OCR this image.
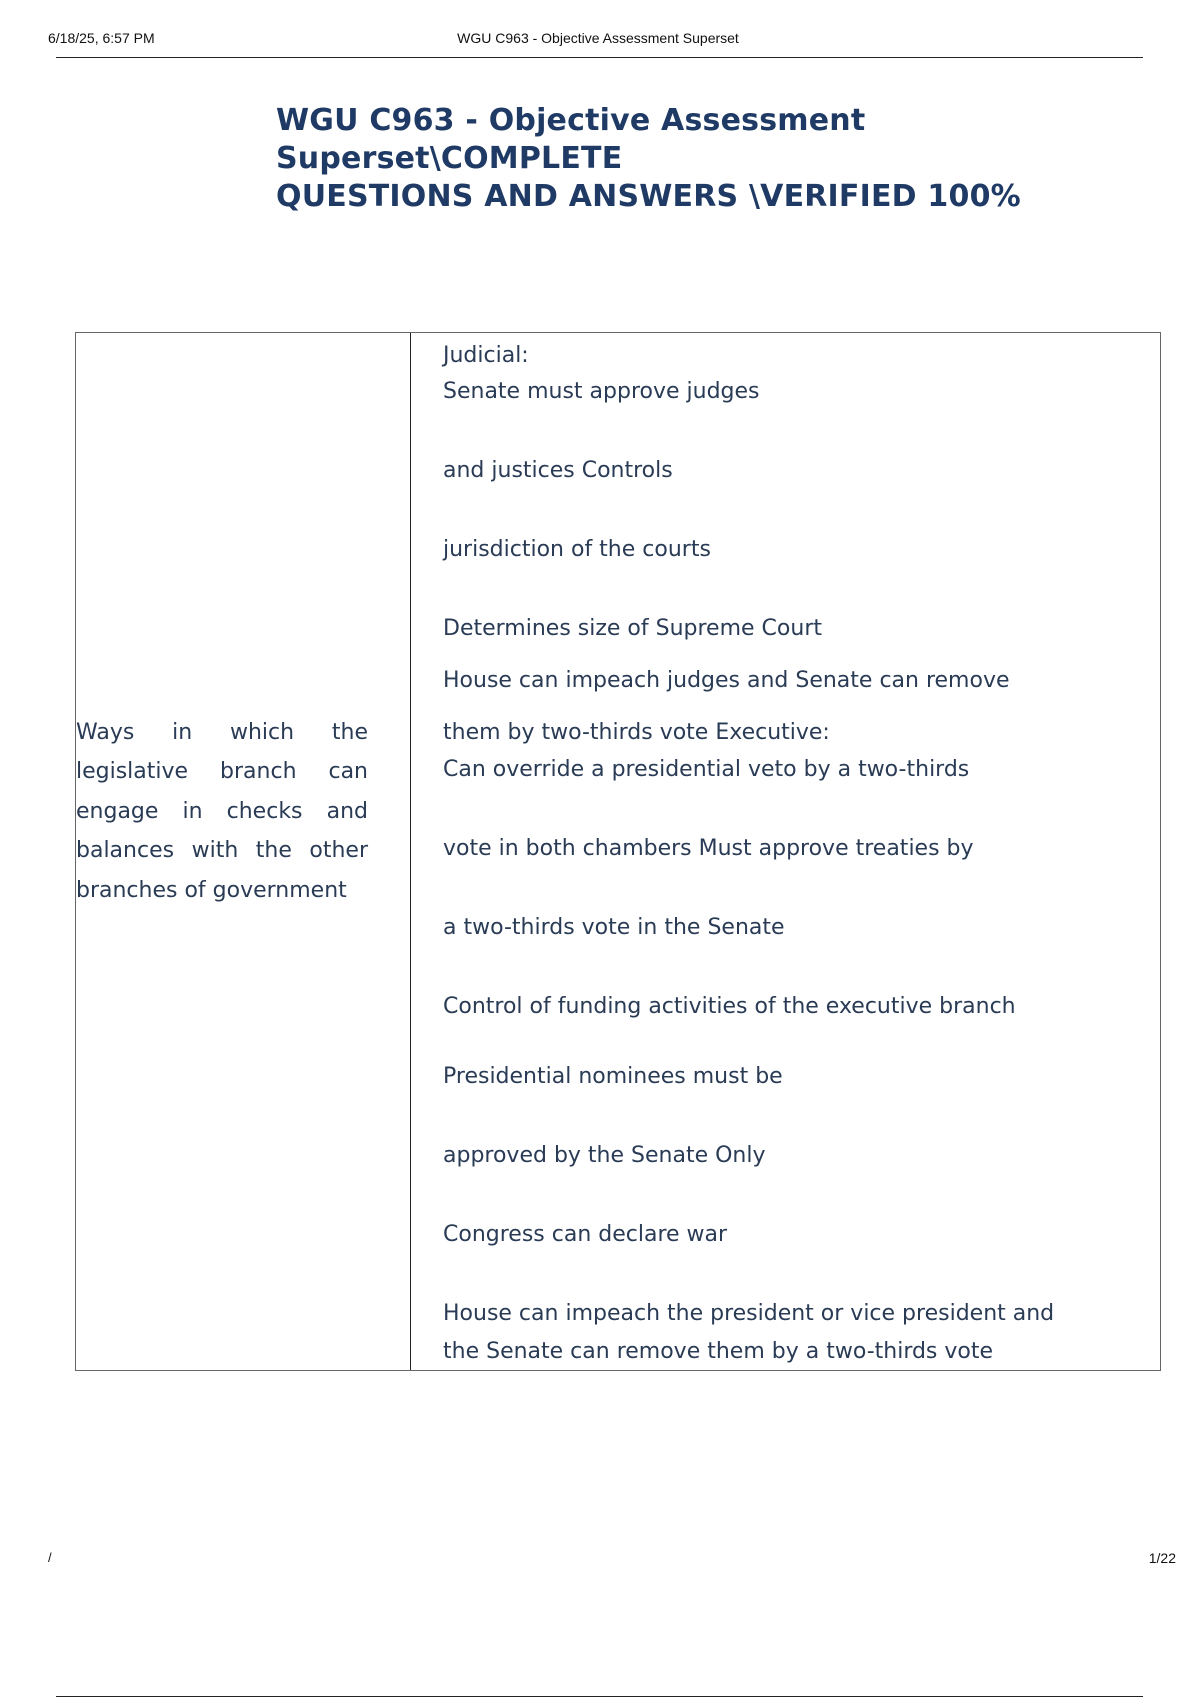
6/18/25, 6:57 PM	WGU C963 - Objective Assessment Superset
WGU C963 - Objective Assessment Superset\COMPLETE
QUESTIONS AND ANSWERS \VERIFIED 100%

Ways in which the legislative branch can engage in checks and balances with the other branches of government

Judicial:
Senate must approve judges
and justices Controls
jurisdiction of the courts
Determines size of Supreme Court
House can impeach judges and Senate can remove
them by two-thirds vote Executive:
Can override a presidential veto by a two-thirds
vote in both chambers Must approve treaties by
a two-thirds vote in the Senate
Control of funding activities of the executive branch
Presidential nominees must be
approved by the Senate Only
Congress can declare war
House can impeach the president or vice president and
the Senate can remove them by a two-thirds vote
/	1/22
